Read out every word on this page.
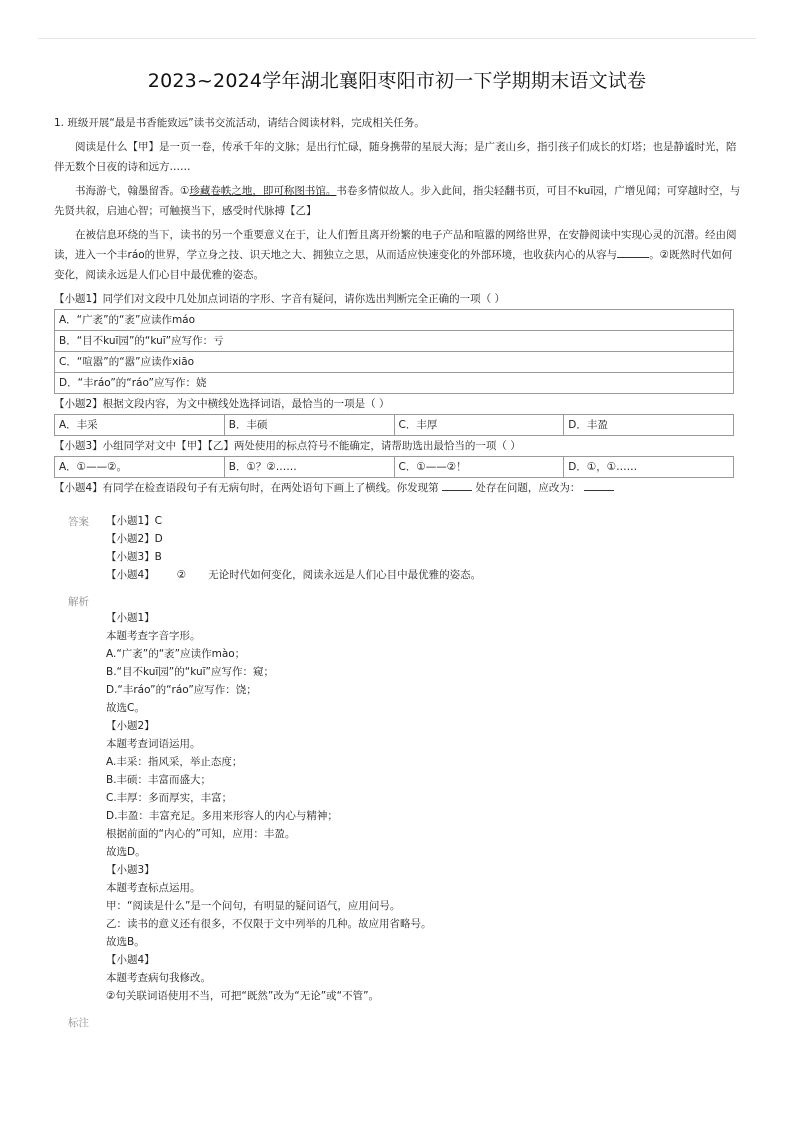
2023~2024学年湖北襄阳枣阳市初一下学期期末语文试卷

1. 班级开展“最是书香能致远”读书交流活动，请结合阅读材料，完成相关任务。

阅读是什么【甲】是一页一卷，传承千年的文脉；是出行忙碌，随身携带的星辰大海；是广袤山乡，指引孩子们成长的灯塔；也是静谧时光，陪伴无数个日夜的诗和远方……

书海游弋，翰墨留香。①珍藏卷帙之地，即可称图书馆。书卷多情似故人。步入此间，指尖轻翻书页，可目不kuī园，广增见闻；可穿越时空，与先贤共叙，启迪心智；可触摸当下，感受时代脉搏【乙】

在被信息环绕的当下，读书的另一个重要意义在于，让人们暂且离开纷繁的电子产品和喧嚣的网络世界，在安静阅读中实现心灵的沉潜。经由阅读，进入一个丰ráo的世界，学立身之技、识天地之大、拥独立之思，从而适应快速变化的外部环境，也收获内心的从容与	。②既然时代如何变化，阅读永远是人们心目中最优雅的姿态。

【小题1】同学们对文段中几处加点词语的字形、字音有疑问，请你选出判断完全正确的一项（ ）

A．“广袤”的“袤”应读作máo
B．“目不kuī园”的“kuī”应写作：亏
C．“喧嚣”的“嚣”应读作xiāo
D．“丰ráo”的“ráo”应写作：娆

【小题2】根据文段内容，为文中横线处选择词语，最恰当的一项是（ ）

A．丰采	B．丰硕	C．丰厚	D．丰盈

【小题3】小组同学对文中【甲】【乙】两处使用的标点符号不能确定，请帮助选出最恰当的一项（ ）

A．①——②。	B．①？②……	C．①——②！	D．①，①……

【小题4】有同学在检查语段句子有无病句时，在两处语句下画上了横线。你发现第	处存在问题，应改为：

答案 【小题1】C
【小题2】D
【小题3】B
【小题4】 ② 无论时代如何变化，阅读永远是人们心目中最优雅的姿态。
解析
【小题1】
本题考查字音字形。
A.“广袤”的“袤”应读作mào；
B.“目不kuī园”的“kuī”应写作：窥；
D.“丰ráo”的“ráo”应写作：饶；
故选C。
【小题2】
本题考查词语运用。
A.丰采：指风采，举止态度；
B.丰硕：丰富而盛大；
C.丰厚：多而厚实，丰富；
D.丰盈：丰富充足。多用来形容人的内心与精神；
根据前面的“内心的”可知，应用：丰盈。
故选D。
【小题3】
本题考查标点运用。
甲：“阅读是什么”是一个问句，有明显的疑问语气，应用问号。
乙：读书的意义还有很多，不仅限于文中列举的几种。故应用省略号。
故选B。
【小题4】
本题考查病句我修改。
②句关联词语使用不当，可把“既然”改为“无论”或“不管”。
标注
